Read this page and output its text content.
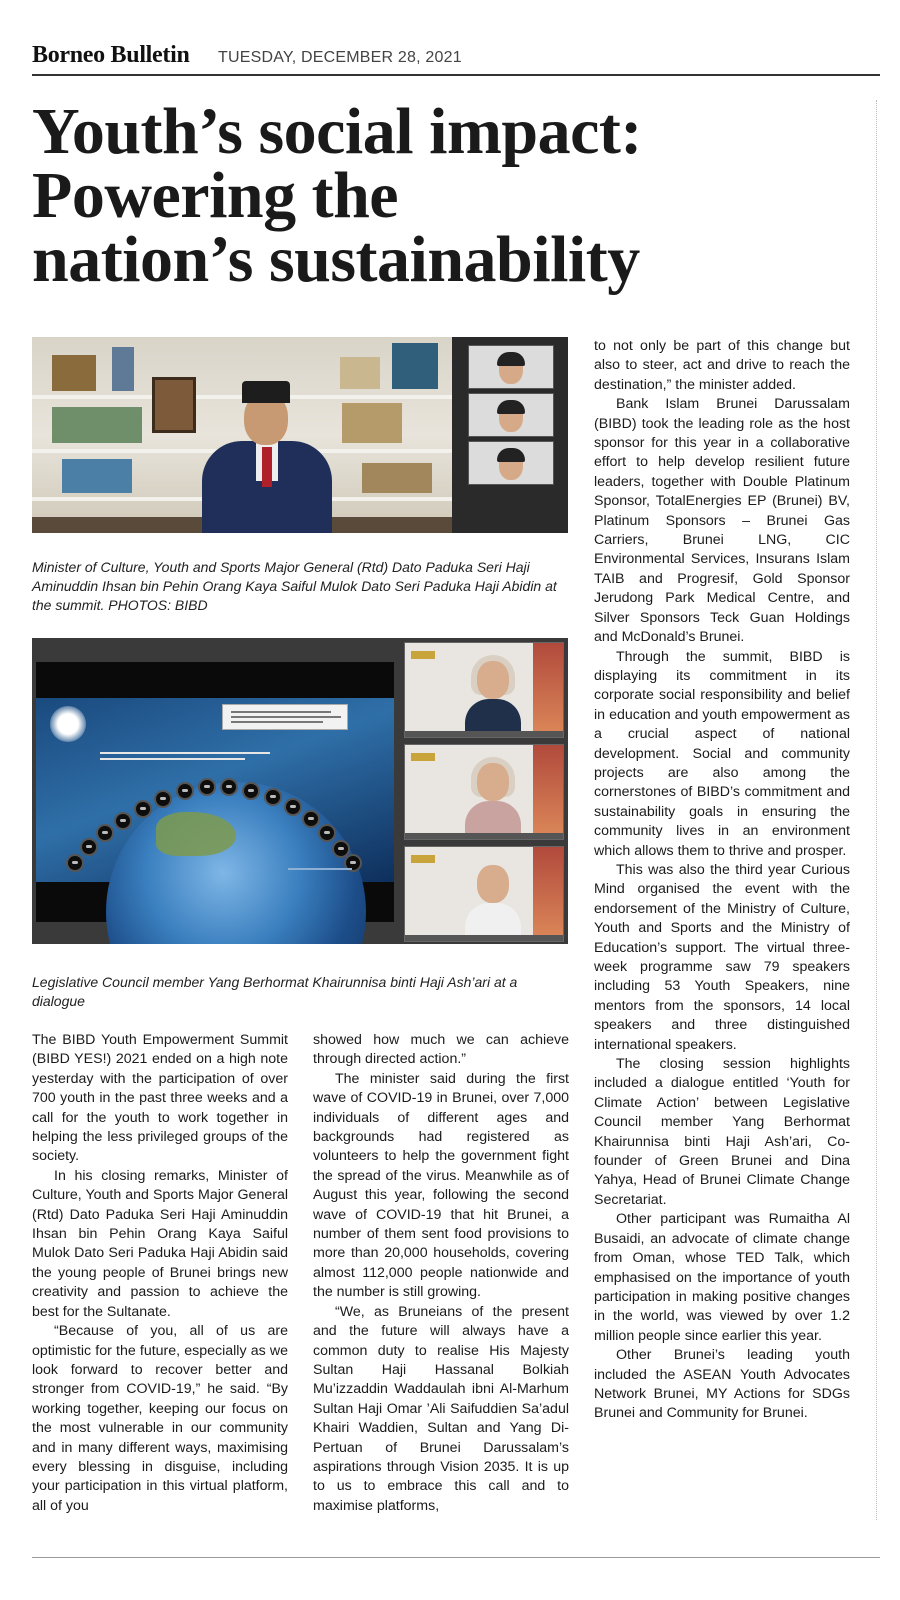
Borneo Bulletin TUESDAY, DECEMBER 28, 2021
Youth’s social impact:
Powering the
nation’s sustainability

Minister of Culture, Youth and Sports Major General (Rtd) Dato Paduka Seri Haji Aminuddin Ihsan bin Pehin Orang Kaya Saiful Mulok Dato Seri Paduka Haji Abidin at the summit. PHOTOS: BIBD

Legislative Council member Yang Berhormat Khairunnisa binti Haji Ash’ari at a dialogue

The BIBD Youth Empowerment Summit (BIBD YES!) 2021 ended on a high note yesterday with the participation of over 700 youth in the past three weeks and a call for the youth to work together in helping the less privileged groups of the society.

In his closing remarks, Minister of Culture, Youth and Sports Major General (Rtd) Dato Paduka Seri Haji Aminuddin Ihsan bin Pehin Orang Kaya Saiful Mulok Dato Seri Paduka Haji Abidin said the young people of Brunei brings new creativity and passion to achieve the best for the Sultanate.

“Because of you, all of us are optimistic for the future, especially as we look forward to recover better and stronger from COVID-19,” he said. “By working together, keeping our focus on the most vulnerable in our community and in many different ways, maximising every blessing in disguise, including your participation in this virtual platform, all of you

showed how much we can achieve through directed action.”

The minister said during the first wave of COVID-19 in Brunei, over 7,000 individuals of different ages and backgrounds had registered as volunteers to help the government fight the spread of the virus. Meanwhile as of August this year, following the second wave of COVID-19 that hit Brunei, a number of them sent food provisions to more than 20,000 households, covering almost 112,000 people nationwide and the number is still growing.

“We, as Bruneians of the present and the future will always have a common duty to realise His Majesty Sultan Haji Hassanal Bolkiah Mu’izzaddin Waddaulah ibni Al-Marhum Sultan Haji Omar ’Ali Saifuddien Sa’adul Khairi Waddien, Sultan and Yang Di-Pertuan of Brunei Darussalam’s aspirations through Vision 2035. It is up to us to embrace this call and to maximise platforms,

to not only be part of this change but also to steer, act and drive to reach the destination,” the minister added.

Bank Islam Brunei Darussalam (BIBD) took the leading role as the host sponsor for this year in a collaborative effort to help develop resilient future leaders, together with Double Platinum Sponsor, TotalEnergies EP (Brunei) BV, Platinum Sponsors – Brunei Gas Carriers, Brunei LNG, CIC Environmental Services, Insurans Islam TAIB and Progresif, Gold Sponsor Jerudong Park Medical Centre, and Silver Sponsors Teck Guan Holdings and McDonald’s Brunei.

Through the summit, BIBD is displaying its commitment in its corporate social responsibility and belief in education and youth empowerment as a crucial aspect of national development. Social and community projects are also among the cornerstones of BIBD’s commitment and sustainability goals in ensuring the community lives in an environment which allows them to thrive and prosper.

This was also the third year Curious Mind organised the event with the endorsement of the Ministry of Culture, Youth and Sports and the Ministry of Education’s support. The virtual three-week programme saw 79 speakers including 53 Youth Speakers, nine mentors from the sponsors, 14 local speakers and three distinguished international speakers.

The closing session highlights included a dialogue entitled ‘Youth for Climate Action’ between Legislative Council member Yang Berhormat Khairunnisa binti Haji Ash’ari, Co-founder of Green Brunei and Dina Yahya, Head of Brunei Climate Change Secretariat.

Other participant was Rumaitha Al Busaidi, an advocate of climate change from Oman, whose TED Talk, which emphasised on the importance of youth participation in making positive changes in the world, was viewed by over 1.2 million people since earlier this year.

Other Brunei’s leading youth included the ASEAN Youth Advocates Network Brunei, MY Actions for SDGs Brunei and Community for Brunei.
